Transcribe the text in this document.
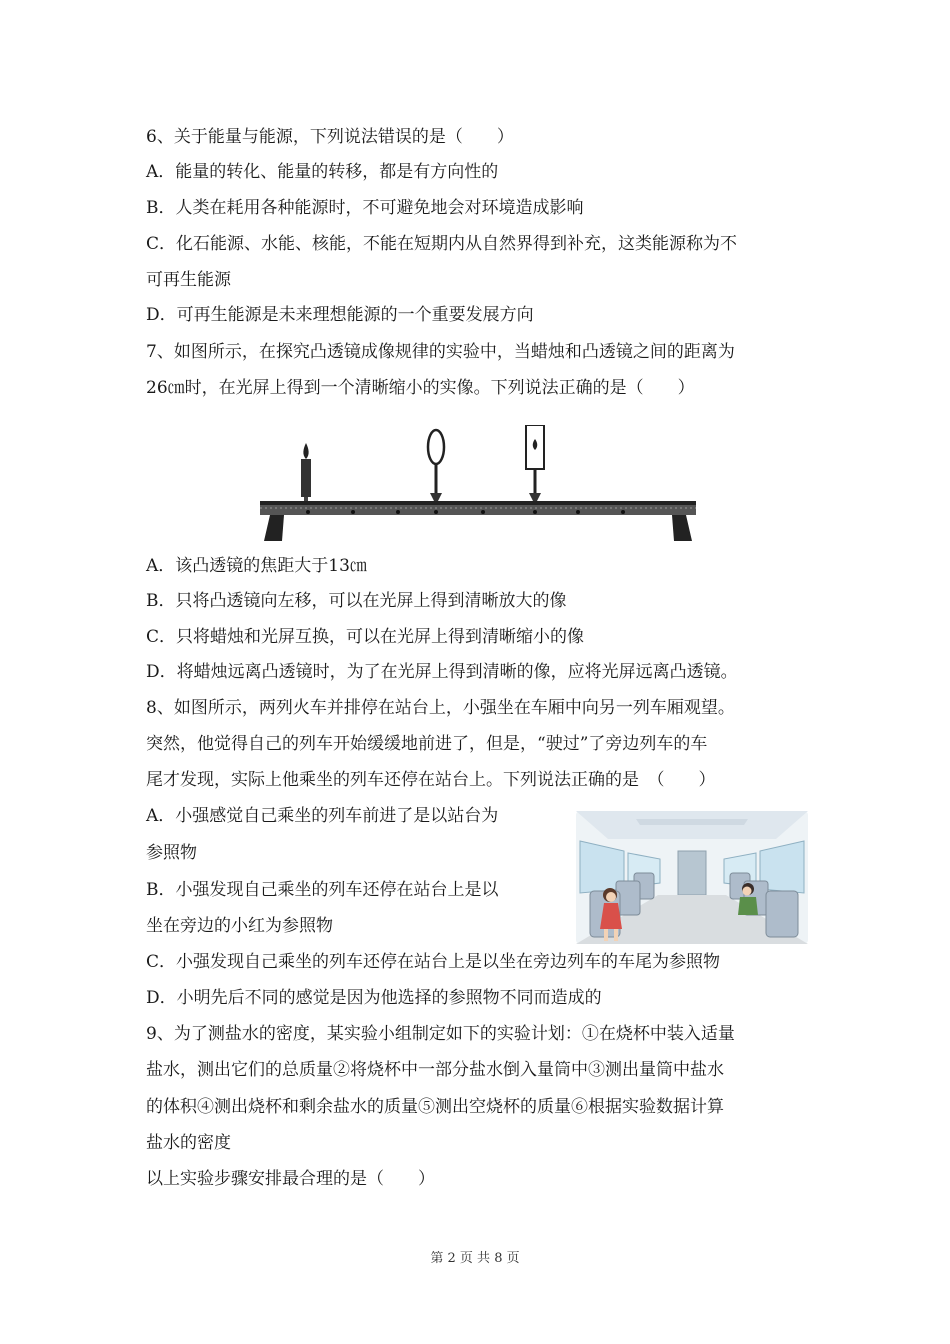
6、关于能量与能源，下列说法错误的是（　　）
A．能量的转化、能量的转移，都是有方向性的
B．人类在耗用各种能源时，不可避免地会对环境造成影响
C．化石能源、水能、核能，不能在短期内从自然界得到补充，这类能源称为不
可再生能源
D．可再生能源是未来理想能源的一个重要发展方向
7、如图所示，在探究凸透镜成像规律的实验中，当蜡烛和凸透镜之间的距离为
26㎝时，在光屏上得到一个清晰缩小的实像。下列说法正确的是（　　）
A．该凸透镜的焦距大于13㎝
B．只将凸透镜向左移，可以在光屏上得到清晰放大的像
C．只将蜡烛和光屏互换，可以在光屏上得到清晰缩小的像
D．将蜡烛远离凸透镜时，为了在光屏上得到清晰的像，应将光屏远离凸透镜。
8、如图所示，两列火车并排停在站台上，小强坐在车厢中向另一列车厢观望。
突然，他觉得自己的列车开始缓缓地前进了，但是，“驶过”了旁边列车的车
尾才发现，实际上他乘坐的列车还停在站台上。下列说法正确的是　（　　）
A．小强感觉自己乘坐的列车前进了是以站台为
参照物
B．小强发现自己乘坐的列车还停在站台上是以
坐在旁边的小红为参照物
C．小强发现自己乘坐的列车还停在站台上是以坐在旁边列车的车尾为参照物
D．小明先后不同的感觉是因为他选择的参照物不同而造成的
9、为了测盐水的密度，某实验小组制定如下的实验计划：①在烧杯中装入适量
盐水，测出它们的总质量②将烧杯中一部分盐水倒入量筒中③测出量筒中盐水
的体积④测出烧杯和剩余盐水的质量⑤测出空烧杯的质量⑥根据实验数据计算
盐水的密度
以上实验步骤安排最合理的是（　　）
第 2 页 共 8 页
